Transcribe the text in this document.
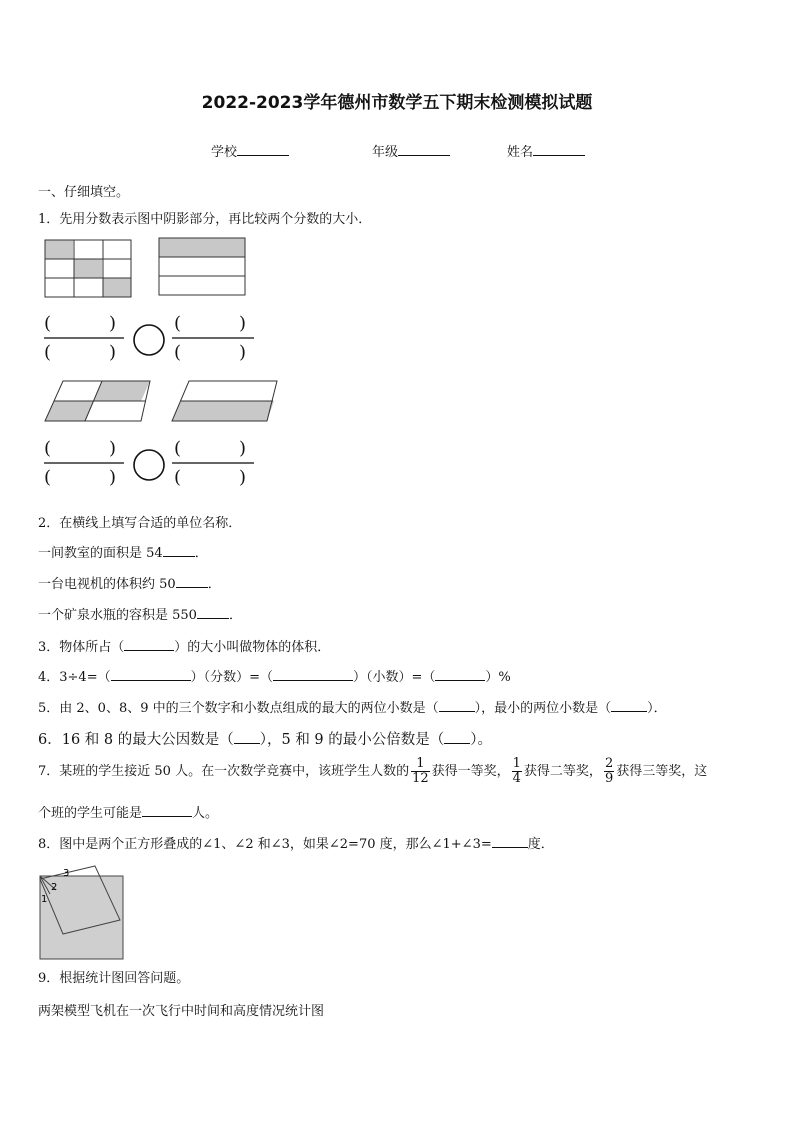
2022-2023学年德州市数学五下期末检测模拟试题
学校	年级	姓名
一、仔细填空。
1．先用分数表示图中阴影部分，再比较两个分数的大小．
(	)
(	)
(	)
(	)
(	)
(	)
(	)
(	)
2．在横线上填写合适的单位名称．
一间教室的面积是 54 ．
一台电视机的体积约 50 ．
一个矿泉水瓶的容积是 550 ．
3．物体所占（	）的大小叫做物体的体积．
4．3÷4=（	）（分数）=（	）（小数）=（	）%
5．由 2、0、8、9 中的三个数字和小数点组成的最大的两位小数是（	），最小的两位小数是（	）．
6．16 和 8 的最大公因数是（ ），5 和 9 的最小公倍数是（ ）。
7．某班的学生接近 50 人。在一次数学竞赛中，该班学生人数的 $\frac{1}{12}$ 获得一等奖， $\frac{1}{4}$ 获得二等奖， $\frac{2}{9}$ 获得三等奖，这
个班的学生可能是	人。
8．图中是两个正方形叠成的∠1、∠2 和∠3，如果∠2=70 度，那么∠1+∠3=	度．
3
2
1
9．根据统计图回答问题。
两架模型飞机在一次飞行中时间和高度情况统计图
